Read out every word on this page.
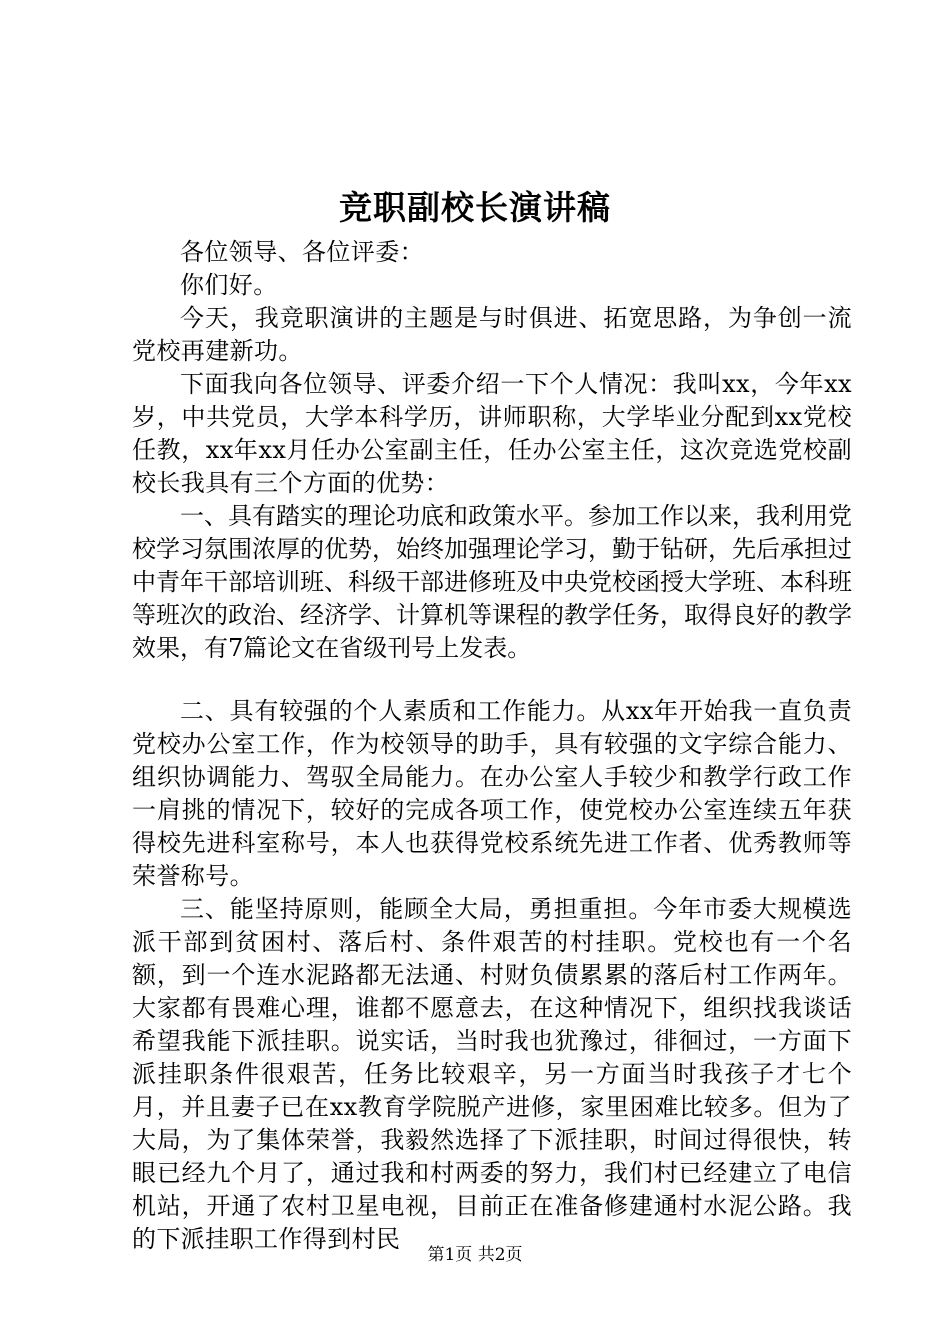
竞职副校长演讲稿

各位领导、各位评委：

你们好。

今天，我竞职演讲的主题是与时俱进、拓宽思路，为争创一流党校再建新功。

下面我向各位领导、评委介绍一下个人情况：我叫xx，今年xx岁，中共党员，大学本科学历，讲师职称，大学毕业分配到xx党校任教，xx年xx月任办公室副主任，任办公室主任，这次竞选党校副校长我具有三个方面的优势：

一、具有踏实的理论功底和政策水平。参加工作以来，我利用党校学习氛围浓厚的优势，始终加强理论学习，勤于钻研，先后承担过中青年干部培训班、科级干部进修班及中央党校函授大学班、本科班等班次的政治、经济学、计算机等课程的教学任务，取得良好的教学效果，有7篇论文在省级刊号上发表。

二、具有较强的个人素质和工作能力。从xx年开始我一直负责党校办公室工作，作为校领导的助手，具有较强的文字综合能力、组织协调能力、驾驭全局能力。在办公室人手较少和教学行政工作一肩挑的情况下，较好的完成各项工作，使党校办公室连续五年获得校先进科室称号，本人也获得党校系统先进工作者、优秀教师等荣誉称号。

三、能坚持原则，能顾全大局，勇担重担。今年市委大规模选派干部到贫困村、落后村、条件艰苦的村挂职。党校也有一个名额，到一个连水泥路都无法通、村财负债累累的落后村工作两年。大家都有畏难心理，谁都不愿意去，在这种情况下，组织找我谈话希望我能下派挂职。说实话，当时我也犹豫过，徘徊过，一方面下派挂职条件很艰苦，任务比较艰辛，另一方面当时我孩子才七个月，并且妻子已在xx教育学院脱产进修，家里困难比较多。但为了大局，为了集体荣誉，我毅然选择了下派挂职，时间过得很快，转眼已经九个月了，通过我和村两委的努力，我们村已经建立了电信机站，开通了农村卫星电视，目前正在准备修建通村水泥公路。我的下派挂职工作得到村民

第1页 共2页
